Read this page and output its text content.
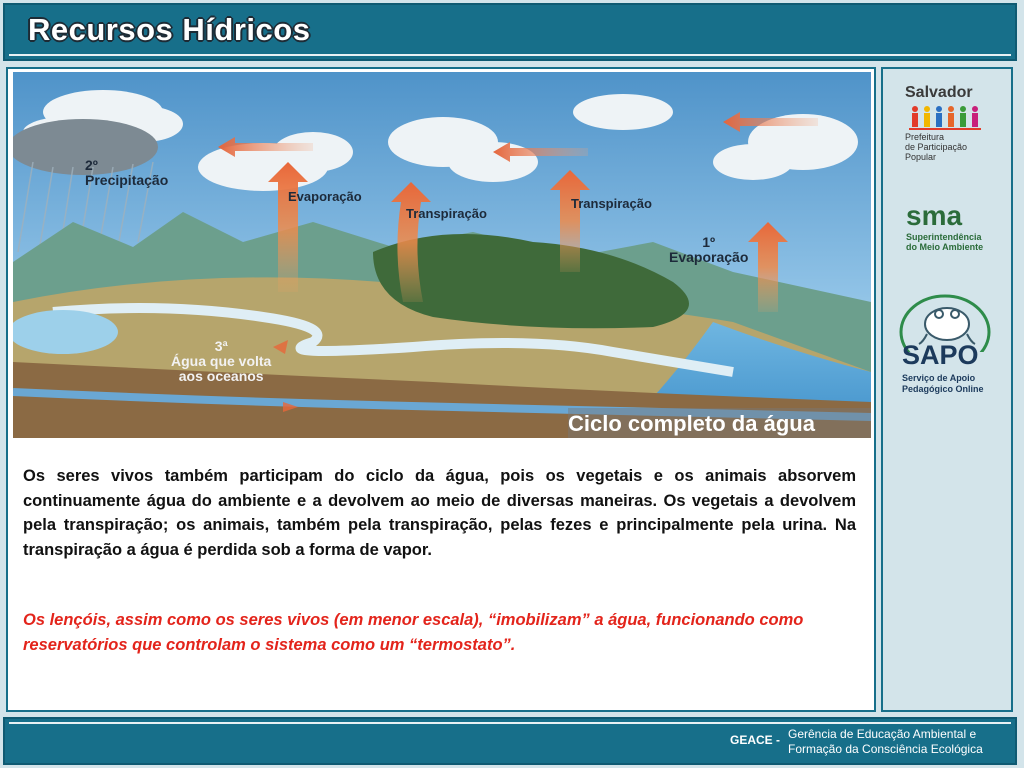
Recursos Hídricos
2º
Precipitação
Evaporação
Transpiração
Transpiração
1º
Evaporação
3ª
Água que volta
aos oceanos
Ciclo completo da água

Os seres vivos também participam do ciclo da água, pois os vegetais e os animais absorvem continuamente água do ambiente e a devolvem ao meio de diversas maneiras. Os vegetais a devolvem pela transpiração; os animais, também pela transpiração, pelas fezes e principalmente pela urina. Na transpiração a água é perdida sob a forma de vapor.

Os lençóis, assim como os seres vivos (em menor escala), “imobilizam” a água, funcionando como reservatórios que controlam o sistema como um “termostato”.

Salvador
Prefeitura
de Participação
Popular
sma
Superintendência
do Meio Ambiente
SAPO
Serviço de Apoio
Pedagógico Online
GEACE - Gerência de Educação Ambiental e
Formação da Consciência Ecológica
